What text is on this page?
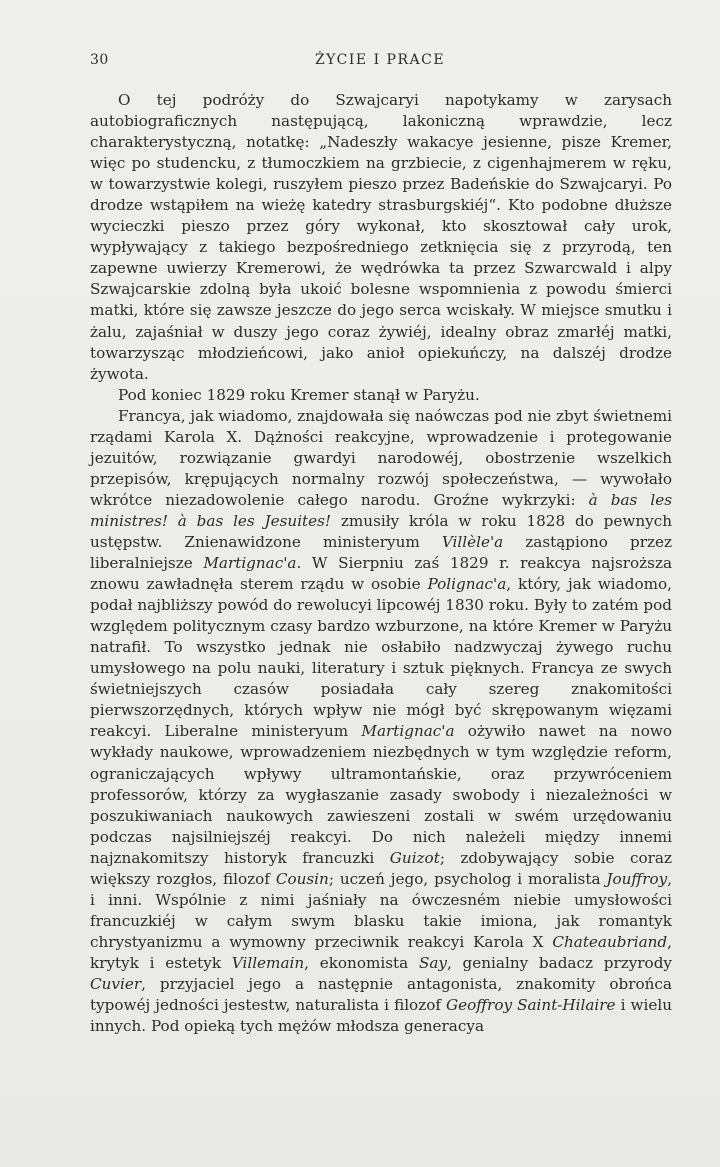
30	ŻYCIE I PRACE

O tej podróży do Szwajcaryi napotykamy w zarysach autobiograficznych następującą, lakoniczną wprawdzie, lecz charakterystyczną, notatkę: „Nadeszły wakacye jesienne, pisze Kremer, więc po studencku, z tłumoczkiem na grzbiecie, z cigenhajmerem w ręku, w towarzystwie kolegi, ruszyłem pieszo przez Badeńskie do Szwajcaryi. Po drodze wstąpiłem na wieżę katedry strasburgskiéj“. Kto podobne dłuższe wycieczki pieszo przez góry wykonał, kto skosztował cały urok, wypływający z takiego bezpośredniego zetknięcia się z przyrodą, ten zapewne uwierzy Kremerowi, że wędrówka ta przez Szwarcwald i alpy Szwajcarskie zdolną była ukoić bolesne wspomnienia z powodu śmierci matki, które się zawsze jeszcze do jego serca wciskały. W miejsce smutku i żalu, zajaśniał w duszy jego coraz żywiéj, idealny obraz zmarłéj matki, towarzysząc młodzieńcowi, jako anioł opiekuńczy, na dalszéj drodze żywota.

Pod koniec 1829 roku Kremer stanął w Paryżu.

Francya, jak wiadomo, znajdowała się naówczas pod nie zbyt świetnemi rządami Karola X. Dążności reakcyjne, wprowadzenie i protegowanie jezuitów, rozwiązanie gwardyi narodowéj, obostrzenie wszelkich przepisów, krępujących normalny rozwój społeczeństwa, — wywołało wkrótce niezadowolenie całego narodu. Groźne wykrzyki: à bas les ministres! à bas les Jesuites! zmusiły króla w roku 1828 do pewnych ustępstw. Znienawidzone ministeryum Villèle'a zastąpiono przez liberalniejsze Martignac'a. W Sierpniu zaś 1829 r. reakcya najsroższa znowu zawładnęła sterem rządu w osobie Polignac'a, który, jak wiadomo, podał najbliższy powód do rewolucyi lipcowéj 1830 roku. Były to zatém pod względem politycznym czasy bardzo wzburzone, na które Kremer w Paryżu natrafił. To wszystko jednak nie osłabiło nadzwyczaj żywego ruchu umysłowego na polu nauki, literatury i sztuk pięknych. Francya ze swych świetniejszych czasów posiadała cały szereg znakomitości pierwszorzędnych, których wpływ nie mógł być skrępowanym więzami reakcyi. Liberalne ministeryum Martignac'a ożywiło nawet na nowo wykłady naukowe, wprowadzeniem niezbędnych w tym względzie reform, ograniczających wpływy ultramontańskie, oraz przywróceniem professorów, którzy za wygłaszanie zasady swobody i niezależności w poszukiwaniach naukowych zawieszeni zostali w swém urzędowaniu podczas najsilniejszéj reakcyi. Do nich należeli między innemi najznakomitszy historyk francuzki Guizot; zdobywający sobie coraz większy rozgłos, filozof Cousin; uczeń jego, psycholog i moralista Jouffroy, i inni. Wspólnie z nimi jaśniały na ówczesném niebie umysłowości francuzkiéj w całym swym blasku takie imiona, jak romantyk chrystyanizmu a wymowny przeciwnik reakcyi Karola X Chateaubriand, krytyk i estetyk Villemain, ekonomista Say, genialny badacz przyrody Cuvier, przyjaciel jego a następnie antagonista, znakomity obrońca typowéj jedności jestestw, naturalista i filozof Geoffroy Saint-Hilaire i wielu innych. Pod opieką tych mężów młodsza generacya
